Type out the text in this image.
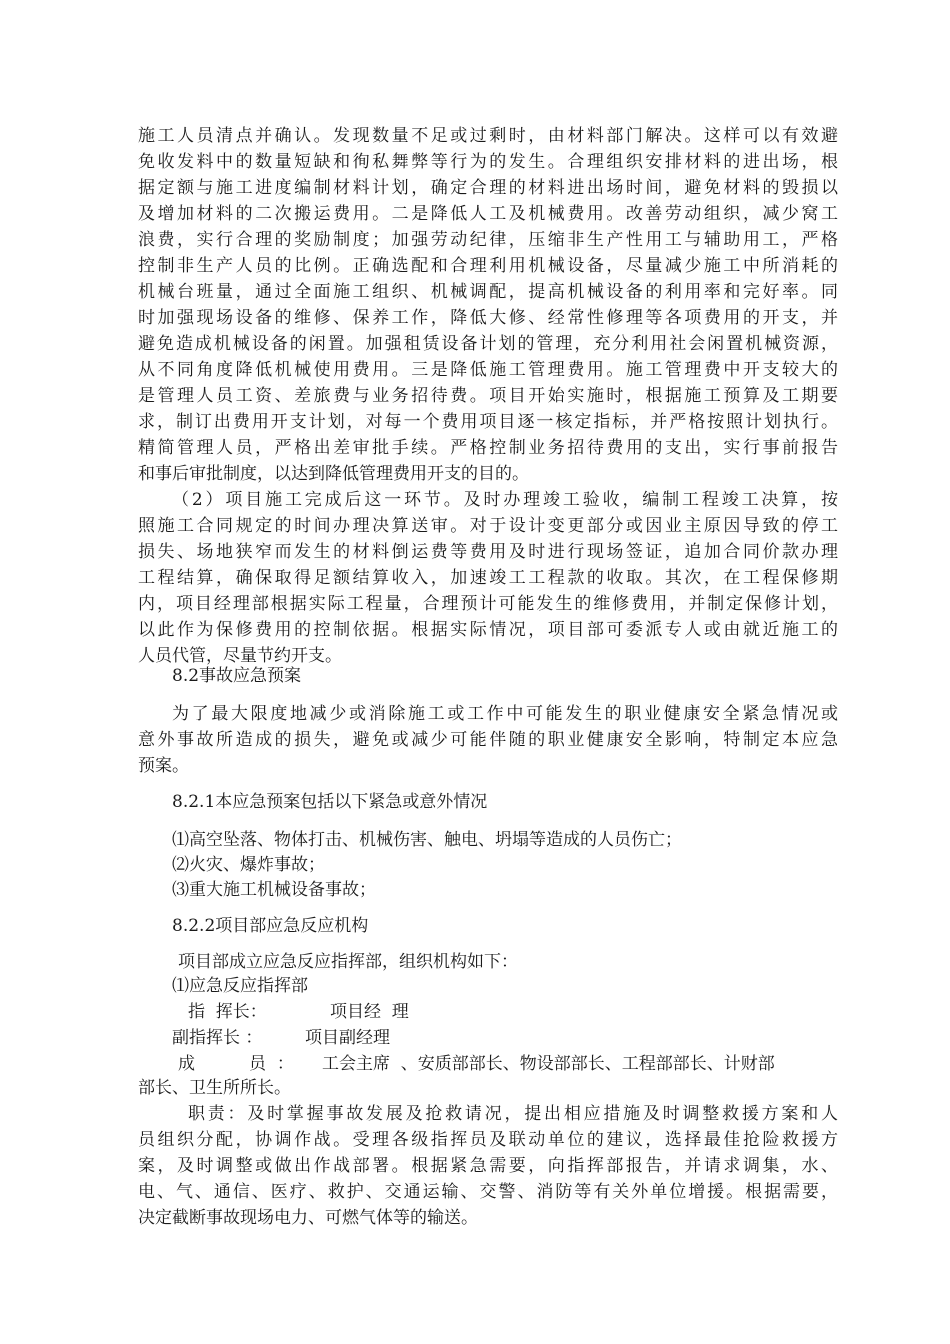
施工人员清点并确认。发现数量不足或过剩时，由材料部门解决。这样可以有效避
免收发料中的数量短缺和徇私舞弊等行为的发生。合理组织安排材料的进出场，根
据定额与施工进度编制材料计划，确定合理的材料进出场时间，避免材料的毁损以
及增加材料的二次搬运费用。二是降低人工及机械费用。改善劳动组织，减少窝工
浪费，实行合理的奖励制度；加强劳动纪律，压缩非生产性用工与辅助用工，严格
控制非生产人员的比例。正确选配和合理利用机械设备，尽量减少施工中所消耗的
机械台班量，通过全面施工组织、机械调配，提高机械设备的利用率和完好率。同
时加强现场设备的维修、保养工作，降低大修、经常性修理等各项费用的开支，并
避免造成机械设备的闲置。加强租赁设备计划的管理，充分利用社会闲置机械资源，
从不同角度降低机械使用费用。三是降低施工管理费用。施工管理费中开支较大的
是管理人员工资、差旅费与业务招待费。项目开始实施时，根据施工预算及工期要
求，制订出费用开支计划，对每一个费用项目逐一核定指标，并严格按照计划执行。
精简管理人员，严格出差审批手续。严格控制业务招待费用的支出，实行事前报告
和事后审批制度，以达到降低管理费用开支的目的。
（2）项目施工完成后这一环节。及时办理竣工验收，编制工程竣工决算，按
照施工合同规定的时间办理决算送审。对于设计变更部分或因业主原因导致的停工
损失、场地狭窄而发生的材料倒运费等费用及时进行现场签证，追加合同价款办理
工程结算，确保取得足额结算收入，加速竣工工程款的收取。其次，在工程保修期
内，项目经理部根据实际工程量，合理预计可能发生的维修费用，并制定保修计划，
以此作为保修费用的控制依据。根据实际情况，项目部可委派专人或由就近施工的
人员代管，尽量节约开支。
8.2事故应急预案
为了最大限度地减少或消除施工或工作中可能发生的职业健康安全紧急情况或
意外事故所造成的损失，避免或减少可能伴随的职业健康安全影响，特制定本应急
预案。
8.2.1本应急预案包括以下紧急或意外情况
⑴高空坠落、物体打击、机械伤害、触电、坍塌等造成的人员伤亡；
⑵火灾、爆炸事故；
⑶重大施工机械设备事故；
8.2.2项目部应急反应机构
项目部成立应急反应指挥部，组织机构如下：
⑴应急反应指挥部
指  挥长：	项目经  理
副指挥长 ：	项目副经理
成          员  ： 工会主席  、安质部部长、物设部部长、工程部部长、计财部
部长、卫生所所长。
职责：及时掌握事故发展及抢救请况，提出相应措施及时调整救援方案和人
员组织分配，协调作战。受理各级指挥员及联动单位的建议，选择最佳抢险救援方
案，及时调整或做出作战部署。根据紧急需要，向指挥部报告，并请求调集，水、
电、气、通信、医疗、救护、交通运输、交警、消防等有关外单位增援。根据需要，
决定截断事故现场电力、可燃气体等的输送。
